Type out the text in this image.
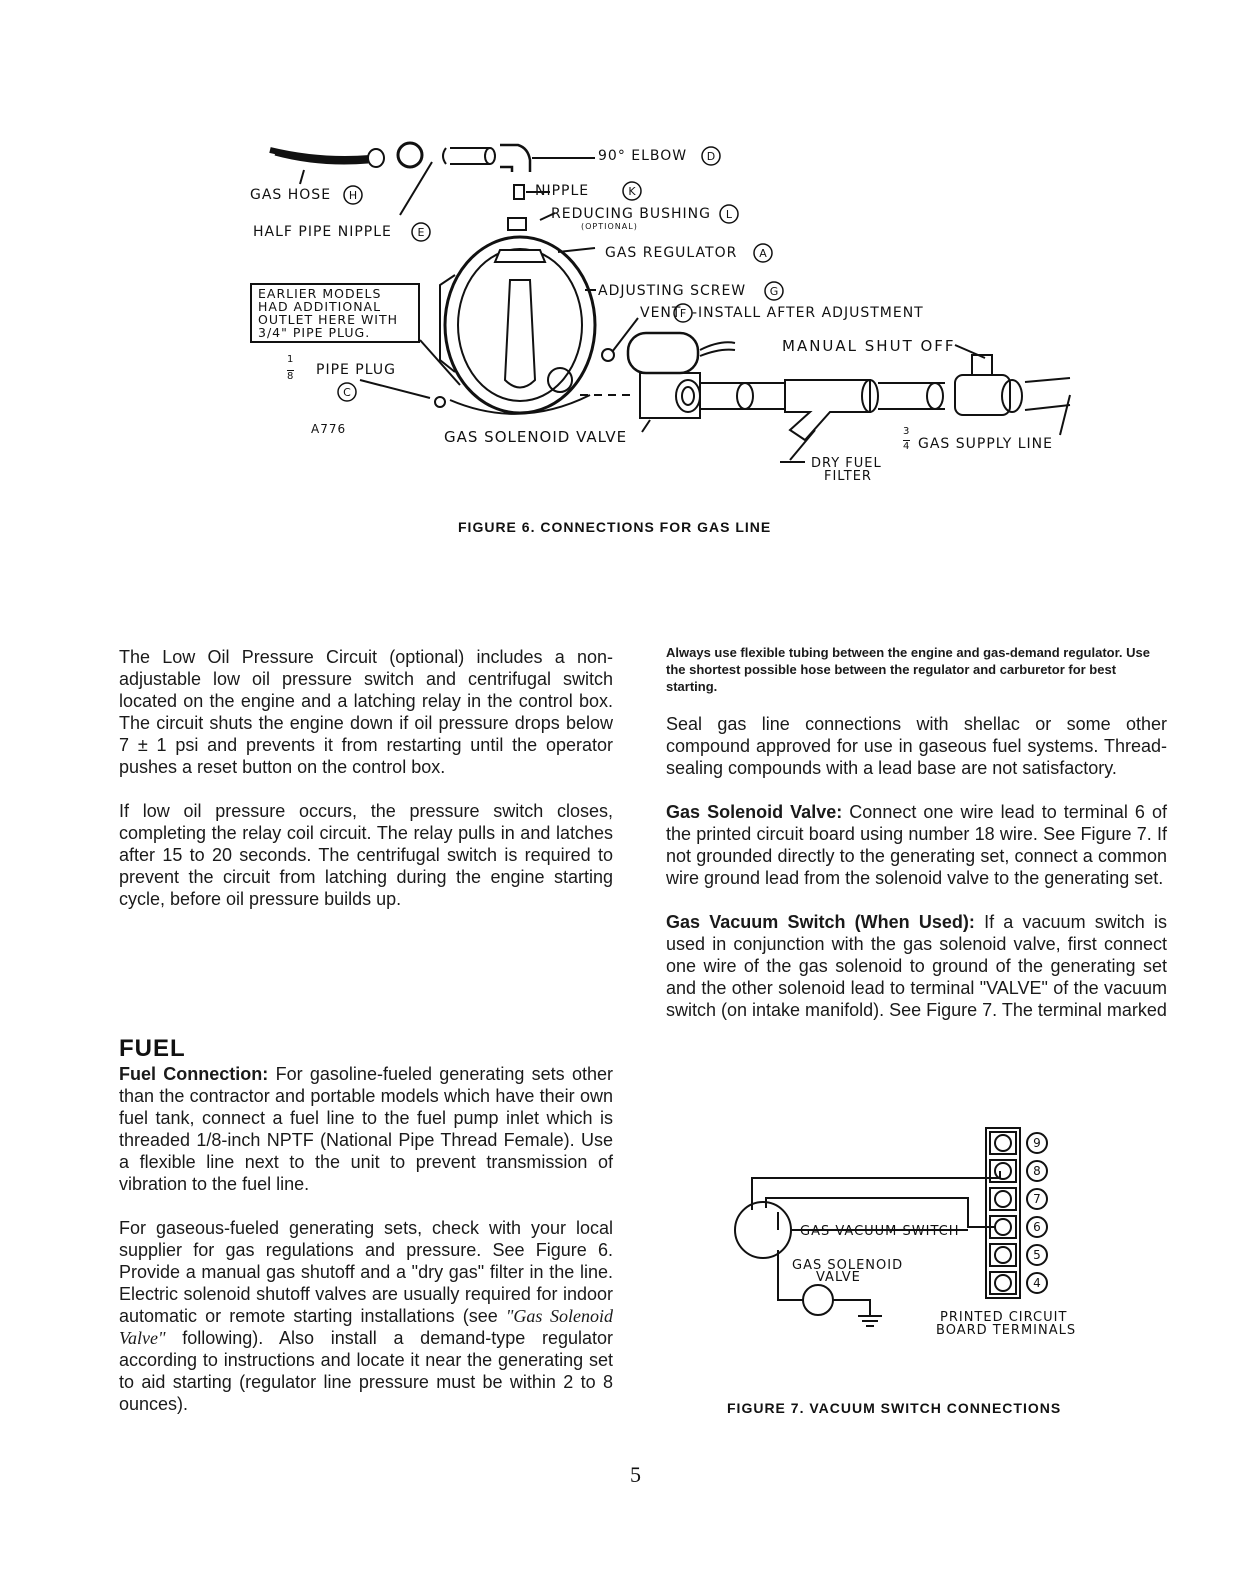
D
H	K
L
E
A
G
F
C
90° ELBOW
GAS HOSE	NIPPLE
REDUCING BUSHING
(OPTIONAL)
HALF PIPE NIPPLE
GAS REGULATOR
ADJUSTING SCREW
VENT -INSTALL AFTER ADJUSTMENT
MANUAL SHUT OFF
EARLIER MODELS
HAD ADDITIONAL
OUTLET HERE WITH
3/4" PIPE PLUG.
1
8 PIPE PLUG
A776	GAS SOLENOID VALVE	3
4 GAS SUPPLY LINE
DRY FUEL
FILTER
FIGURE 6. CONNECTIONS FOR GAS LINE

The Low Oil Pressure Circuit (optional) includes a non-adjustable low oil pressure switch and centrifugal switch located on the engine and a latching relay in the control box. The circuit shuts the engine down if oil pressure drops below 7 ± 1 psi and prevents it from restarting until the operator pushes a reset button on the control box.

If low oil pressure occurs, the pressure switch closes, completing the relay coil circuit. The relay pulls in and latches after 15 to 20 seconds. The centrifugal switch is required to prevent the circuit from latching during the engine starting cycle, before oil pressure builds up.

FUEL

Fuel Connection: For gasoline-fueled generating sets other than the contractor and portable models which have their own fuel tank, connect a fuel line to the fuel pump inlet which is threaded 1/8-inch NPTF (National Pipe Thread Female). Use a flexible line next to the unit to prevent transmission of vibration to the fuel line.

For gaseous-fueled generating sets, check with your local supplier for gas regulations and pressure. See Figure 6. Provide a manual gas shutoff and a "dry gas" filter in the line. Electric solenoid shutoff valves are usually required for indoor automatic or remote starting installations (see "Gas Solenoid Valve" following). Also install a demand-type regulator according to instructions and locate it near the generating set to aid starting (regulator line pressure must be within 2 to 8 ounces).

Always use flexible tubing between the engine and gas-demand regulator. Use the shortest possible hose between the regulator and carburetor for best starting.

Seal gas line connections with shellac or some other compound approved for use in gaseous fuel systems. Thread-sealing compounds with a lead base are not satisfactory.

Gas Solenoid Valve: Connect one wire lead to terminal 6 of the printed circuit board using number 18 wire. See Figure 7. If not grounded directly to the generating set, connect a common wire ground lead from the solenoid valve to the generating set.

Gas Vacuum Switch (When Used): If a vacuum switch is used in conjunction with the gas solenoid valve, first connect one wire of the gas solenoid to ground of the generating set and the other solenoid lead to terminal "VALVE" of the vacuum switch (on intake manifold). See Figure 7. The terminal marked

9
8
7
6
5
4
GAS VACUUM SWITCH
GAS SOLENOID
VALVE
PRINTED CIRCUIT
BOARD TERMINALS
FIGURE 7. VACUUM SWITCH CONNECTIONS
5
